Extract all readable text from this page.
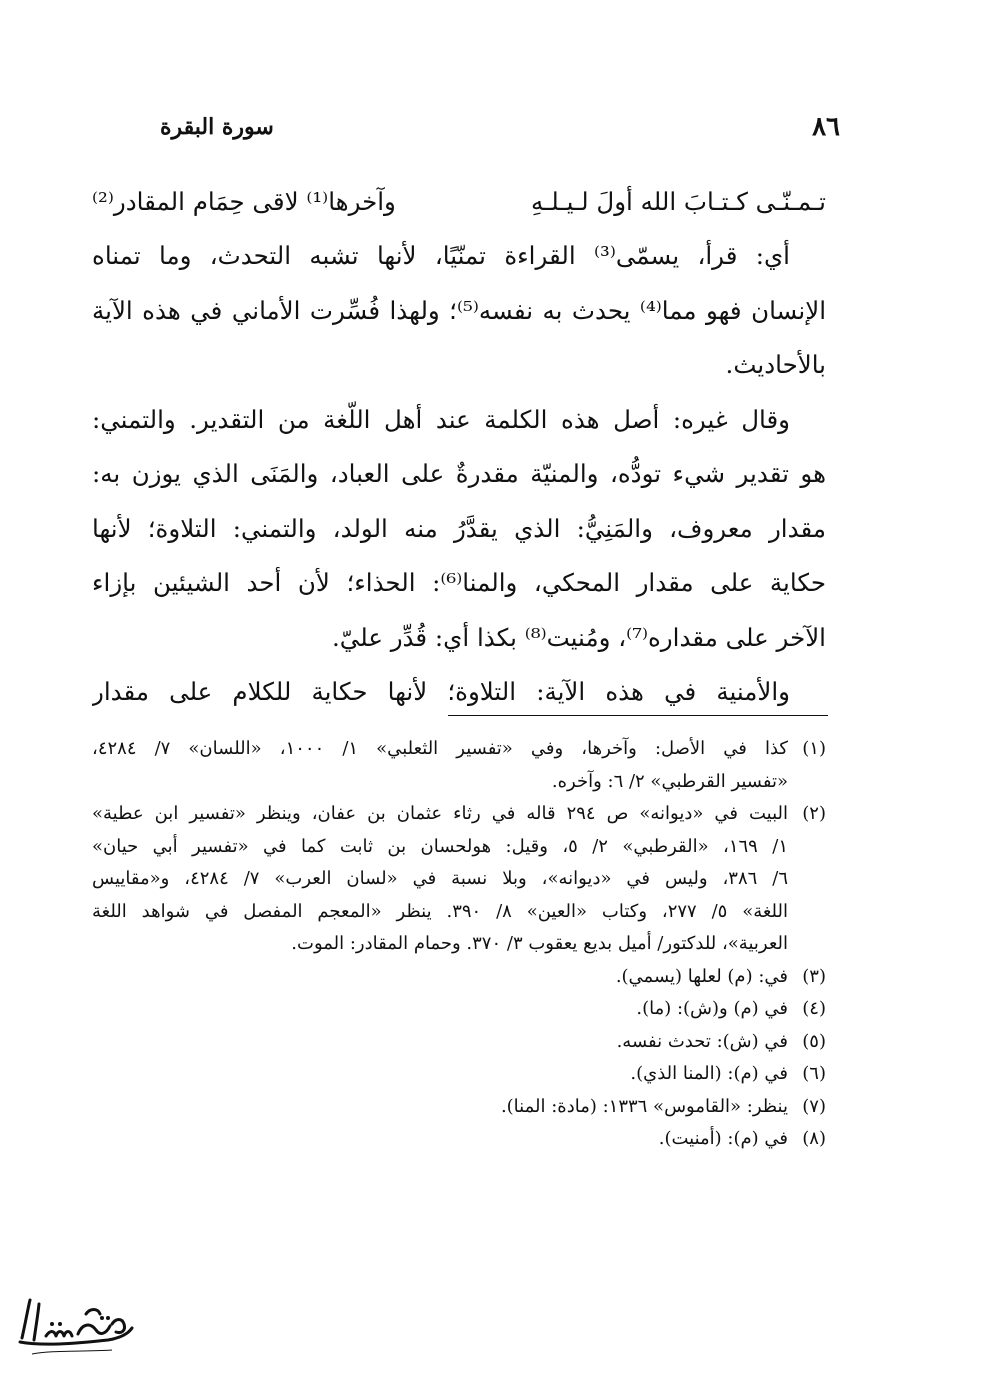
٨٦
سورة البقرة
تـمـنّـى كـتـابَ الله أولَ لـيـلـهِ
وآخرها⁽¹⁾ لاقى حِمَام المقادر⁽²⁾
أي: قرأ، يسمّى⁽³⁾ القراءة تمنّيًا، لأنها تشبه التحدث، وما تمناه
الإنسان فهو مما⁽⁴⁾ يحدث به نفسه⁽⁵⁾؛ ولهذا فُسِّرت الأماني في هذه الآية
بالأحاديث.
وقال غيره: أصل هذه الكلمة عند أهل اللّغة من التقدير. والتمني:
هو تقدير شيء تودُّه، والمنيّة مقدرةٌ على العباد، والمَنَى الذي يوزن به:
مقدار معروف، والمَنِيُّ: الذي يقدَّرُ منه الولد، والتمني: التلاوة؛ لأنها
حكاية على مقدار المحكي، والمنا⁽⁶⁾: الحذاء؛ لأن أحد الشيئين بإزاء
الآخر على مقداره⁽⁷⁾، ومُنيت⁽⁸⁾ بكذا أي: قُدِّر عليّ.
والأمنية في هذه الآية: التلاوة؛ لأنها حكاية للكلام على مقدار
(١)
كذا في الأصل: وآخرها، وفي «تفسير الثعلبي» ١/ ١٠٠٠، «اللسان» ٧/ ٤٢٨٤،
«تفسير القرطبي» ٢/ ٦: وآخره.
(٢)
البيت في «ديوانه» ص ٢٩٤ قاله في رثاء عثمان بن عفان، وينظر «تفسير ابن عطية»
١/ ١٦٩، «القرطبي» ٢/ ٥، وقيل: هولحسان بن ثابت كما في «تفسير أبي حيان»
٦/ ٣٨٦، وليس في «ديوانه»، وبلا نسبة في «لسان العرب» ٧/ ٤٢٨٤، و«مقاييس
اللغة» ٥/ ٢٧٧، وكتاب «العين» ٨/ ٣٩٠. ينظر «المعجم المفصل في شواهد اللغة
العربية»، للدكتور/ أميل بديع يعقوب ٣/ ٣٧٠. وحمام المقادر: الموت.
(٣)
في: (م) لعلها (يسمي).
(٤)
في (م) و(ش): (ما).
(٥)
في (ش): تحدث نفسه.
(٦)
في (م): (المنا الذي).
(٧)
ينظر: «القاموس» ١٣٣٦: (مادة: المنا).
(٨)
في (م): (أمنيت).
